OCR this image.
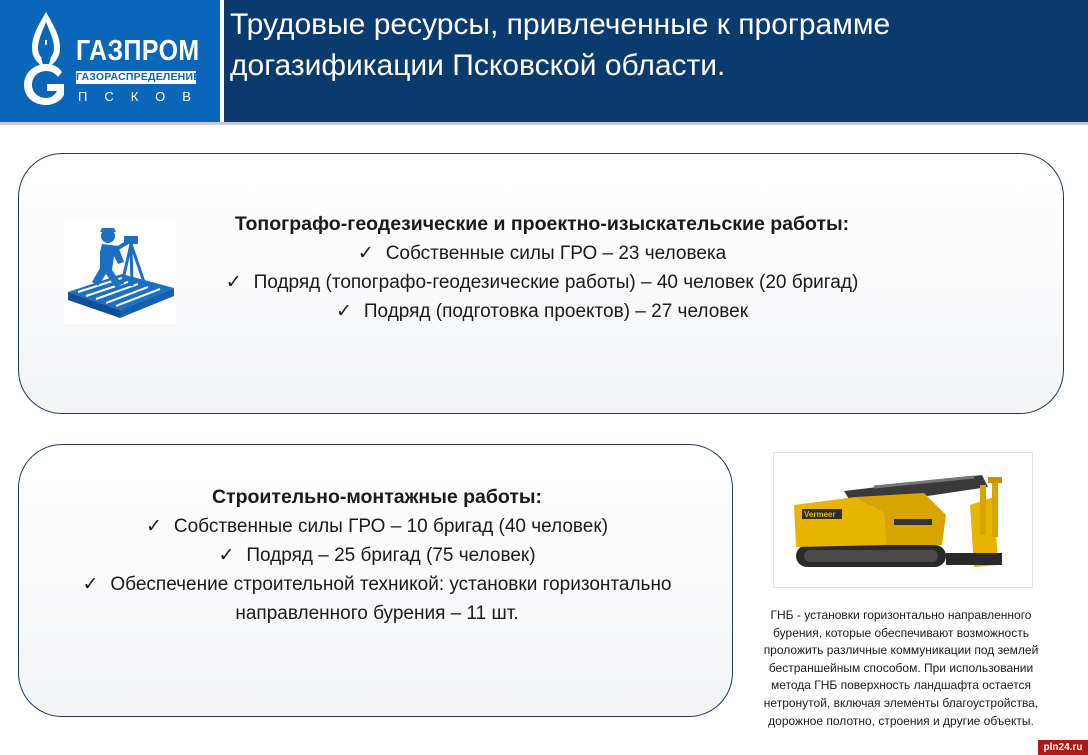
ГАЗПРОМ
ГАЗОРАСПРЕДЕЛЕНИЕ
ПСКОВ
Трудовые ресурсы, привлеченные к программе догазификации Псковской области.
Топографо-геодезические и проектно-изыскательские работы:
✓ Собственные силы ГРО – 23 человека
✓ Подряд (топографо-геодезические работы) – 40 человек (20 бригад)
✓ Подряд (подготовка проектов) – 27 человек
Строительно-монтажные работы:
✓ Собственные силы ГРО – 10 бригад (40 человек)
✓ Подряд – 25 бригад (75 человек)
✓ Обеспечение строительной техникой: установки горизонтально направленного бурения – 11 шт.
Vermeer
ГНБ - установки горизонтально направленного бурения, которые обеспечивают возможность проложить различные коммуникации под землей бестраншейным способом. При использовании метода ГНБ поверхность ландшафта остается нетронутой, включая элементы благоустройства, дорожное полотно, строения и другие объекты.
pln24.ru
